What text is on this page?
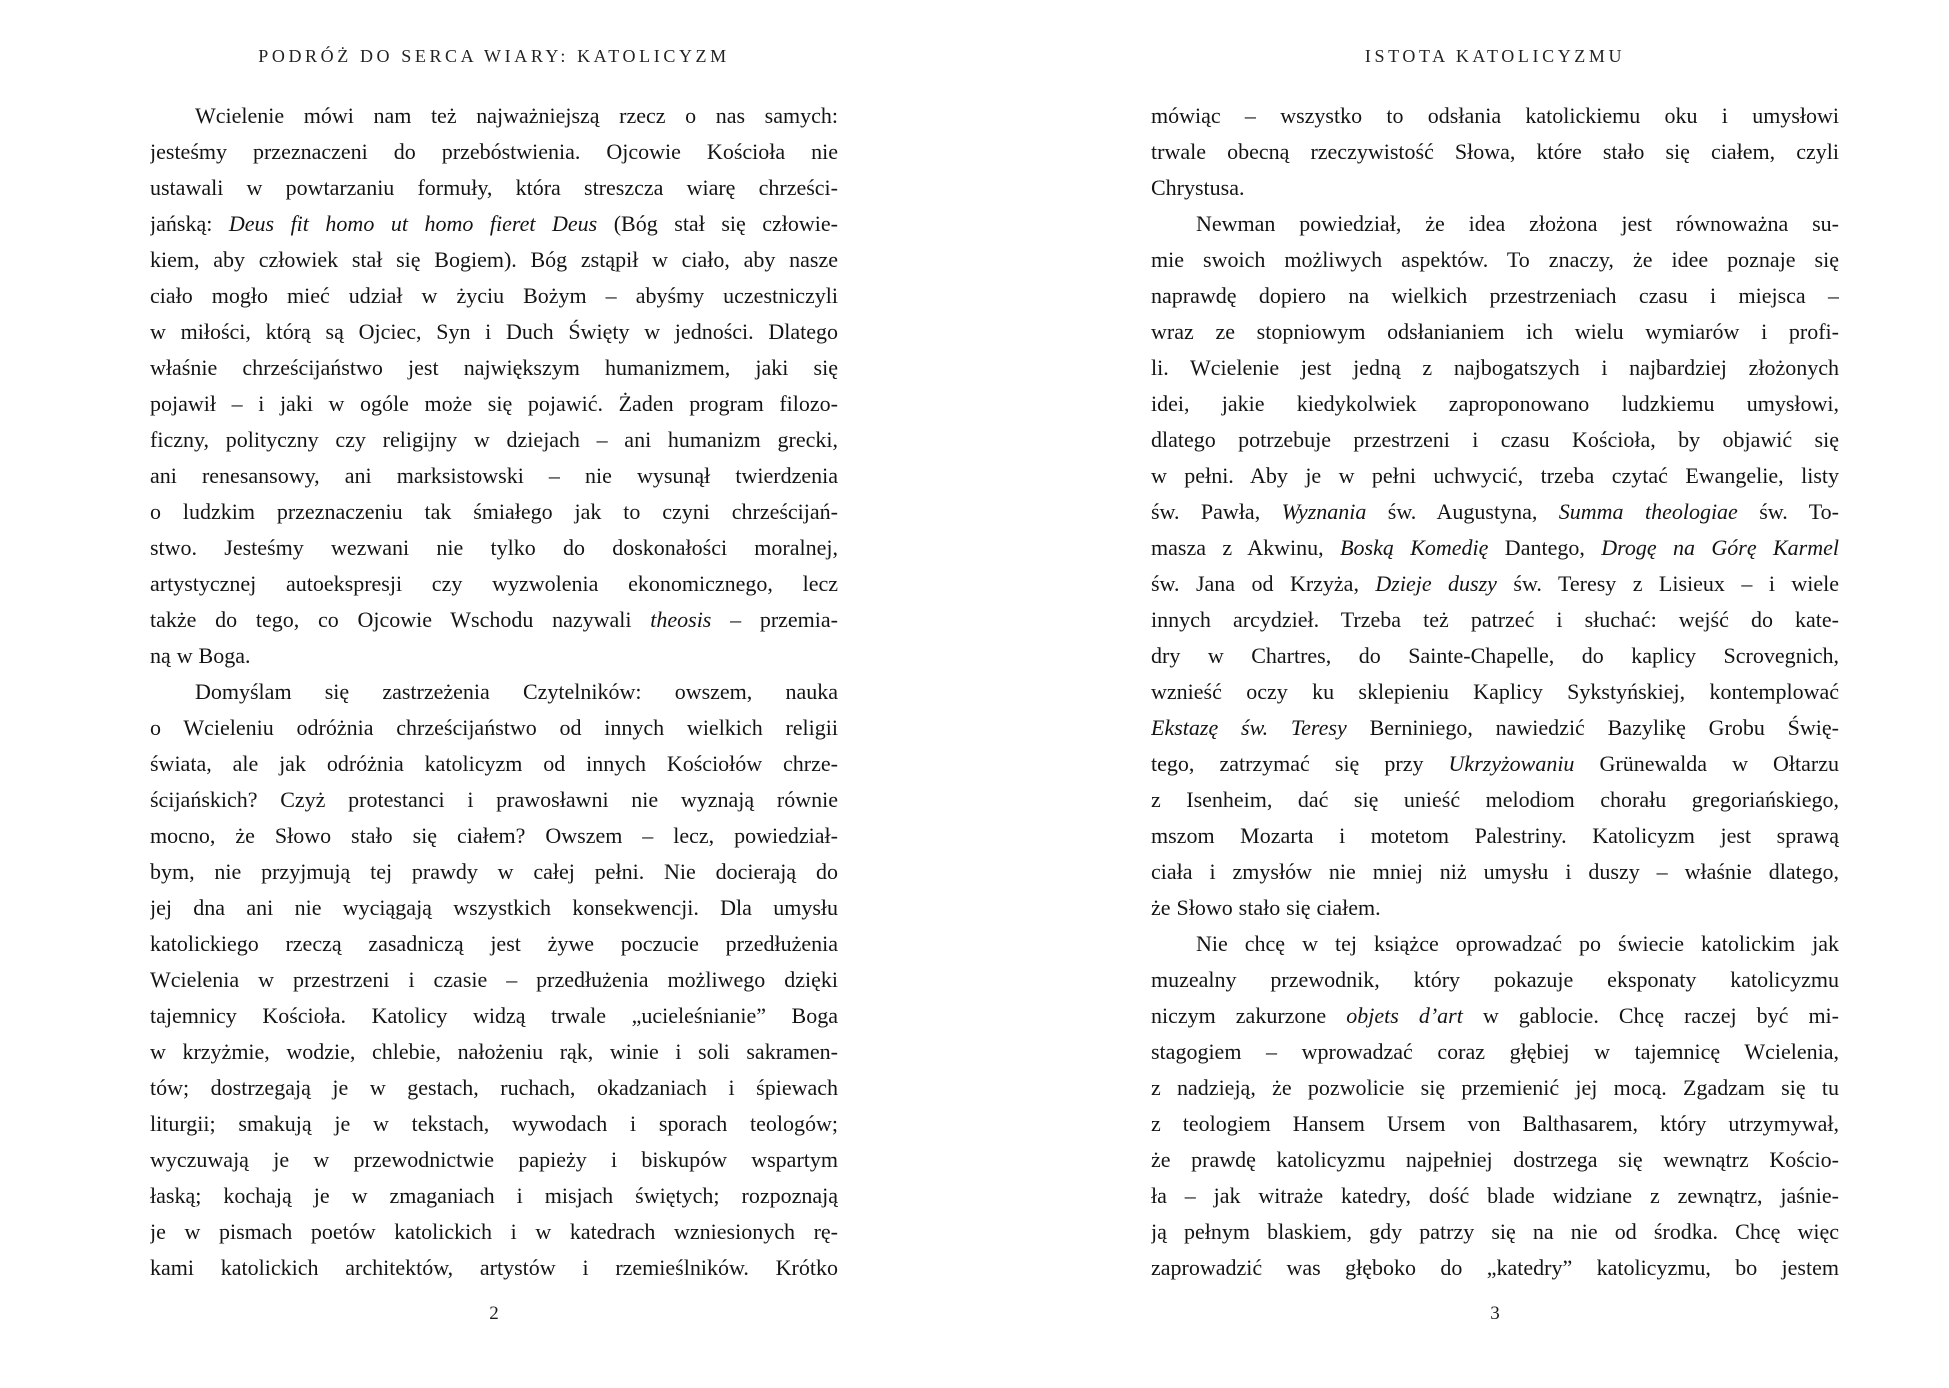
PODRÓŻ DO SERCA WIARY: KATOLICYZM
Wcielenie mówi nam też najważniejszą rzecz o nas samych:
jesteśmy przeznaczeni do przebóstwienia. Ojcowie Kościoła nie
ustawali w powtarzaniu formuły, która streszcza wiarę chrześci-
jańską: Deus fit homo ut homo fieret Deus (Bóg stał się człowie-
kiem, aby człowiek stał się Bogiem). Bóg zstąpił w ciało, aby nasze
ciało mogło mieć udział w życiu Bożym – abyśmy uczestniczyli
w miłości, którą są Ojciec, Syn i Duch Święty w jedności. Dlatego
właśnie chrześcijaństwo jest największym humanizmem, jaki się
pojawił – i jaki w ogóle może się pojawić. Żaden program filozo-
ficzny, polityczny czy religijny w dziejach – ani humanizm grecki,
ani renesansowy, ani marksistowski – nie wysunął twierdzenia
o ludzkim przeznaczeniu tak śmiałego jak to czyni chrześcijań-
stwo. Jesteśmy wezwani nie tylko do doskonałości moralnej,
artystycznej autoekspresji czy wyzwolenia ekonomicznego, lecz
także do tego, co Ojcowie Wschodu nazywali theosis – przemia-
ną w Boga.
Domyślam się zastrzeżenia Czytelników: owszem, nauka
o Wcieleniu odróżnia chrześcijaństwo od innych wielkich religii
świata, ale jak odróżnia katolicyzm od innych Kościołów chrze-
ścijańskich? Czyż protestanci i prawosławni nie wyznają równie
mocno, że Słowo stało się ciałem? Owszem – lecz, powiedział-
bym, nie przyjmują tej prawdy w całej pełni. Nie docierają do
jej dna ani nie wyciągają wszystkich konsekwencji. Dla umysłu
katolickiego rzeczą zasadniczą jest żywe poczucie przedłużenia
Wcielenia w przestrzeni i czasie – przedłużenia możliwego dzięki
tajemnicy Kościoła. Katolicy widzą trwale „ucieleśnianie” Boga
w krzyżmie, wodzie, chlebie, nałożeniu rąk, winie i soli sakramen-
tów; dostrzegają je w gestach, ruchach, okadzaniach i śpiewach
liturgii; smakują je w tekstach, wywodach i sporach teologów;
wyczuwają je w przewodnictwie papieży i biskupów wspartym
łaską; kochają je w zmaganiach i misjach świętych; rozpoznają
je w pismach poetów katolickich i w katedrach wzniesionych rę-
kami katolickich architektów, artystów i rzemieślników. Krótko
2
ISTOTA KATOLICYZMU
mówiąc – wszystko to odsłania katolickiemu oku i umysłowi
trwale obecną rzeczywistość Słowa, które stało się ciałem, czyli
Chrystusa.
Newman powiedział, że idea złożona jest równoważna su-
mie swoich możliwych aspektów. To znaczy, że idee poznaje się
naprawdę dopiero na wielkich przestrzeniach czasu i miejsca –
wraz ze stopniowym odsłanianiem ich wielu wymiarów i profi-
li. Wcielenie jest jedną z najbogatszych i najbardziej złożonych
idei, jakie kiedykolwiek zaproponowano ludzkiemu umysłowi,
dlatego potrzebuje przestrzeni i czasu Kościoła, by objawić się
w pełni. Aby je w pełni uchwycić, trzeba czytać Ewangelie, listy
św. Pawła, Wyznania św. Augustyna, Summa theologiae św. To-
masza z Akwinu, Boską Komedię Dantego, Drogę na Górę Karmel
św. Jana od Krzyża, Dzieje duszy św. Teresy z Lisieux – i wiele
innych arcydzieł. Trzeba też patrzeć i słuchać: wejść do kate-
dry w Chartres, do Sainte-Chapelle, do kaplicy Scrovegnich,
wznieść oczy ku sklepieniu Kaplicy Sykstyńskiej, kontemplować
Ekstazę św. Teresy Berniniego, nawiedzić Bazylikę Grobu Świę-
tego, zatrzymać się przy Ukrzyżowaniu Grünewalda w Ołtarzu
z Isenheim, dać się unieść melodiom chorału gregoriańskiego,
mszom Mozarta i motetom Palestriny. Katolicyzm jest sprawą
ciała i zmysłów nie mniej niż umysłu i duszy – właśnie dlatego,
że Słowo stało się ciałem.
Nie chcę w tej książce oprowadzać po świecie katolickim jak
muzealny przewodnik, który pokazuje eksponaty katolicyzmu
niczym zakurzone objets d’art w gablocie. Chcę raczej być mi-
stagogiem – wprowadzać coraz głębiej w tajemnicę Wcielenia,
z nadzieją, że pozwolicie się przemienić jej mocą. Zgadzam się tu
z teologiem Hansem Ursem von Balthasarem, który utrzymywał,
że prawdę katolicyzmu najpełniej dostrzega się wewnątrz Kościo-
ła – jak witraże katedry, dość blade widziane z zewnątrz, jaśnie-
ją pełnym blaskiem, gdy patrzy się na nie od środka. Chcę więc
zaprowadzić was głęboko do „katedry” katolicyzmu, bo jestem
3
